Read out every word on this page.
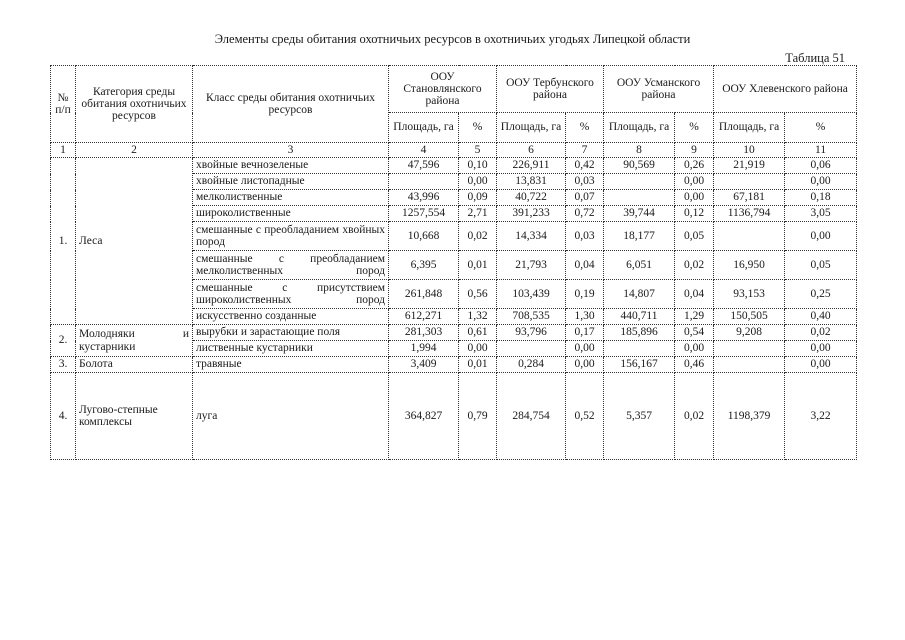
Элементы среды обитания охотничьих ресурсов в охотничьих угодьях Липецкой области
Таблица 51
№ п/п	Категория среды обитания охотничьих ресурсов	Класс среды обитания охотничьих ресурсов	ООУ Становлянского района		ООУ Тербунского района		ООУ Усманского района		ООУ Хлевенского района	
			Площадь, га	%	Площадь, га	%	Площадь, га	%	Площадь, га	%
1	2	3	4	5	6	7	8	9	10	11
1.	Леса	хвойные вечнозеленые	47,596	0,10	226,911	0,42	90,569	0,26	21,919	0,06
		хвойные листопадные		0,00	13,831	0,03		0,00		0,00
		мелколиственные	43,996	0,09	40,722	0,07		0,00	67,181	0,18
		широколиственные	1257,554	2,71	391,233	0,72	39,744	0,12	1136,794	3,05
		смешанные с преобладанием хвойных пород	10,668	0,02	14,334	0,03	18,177	0,05		0,00
		смешанные с преобладанием мелколиственных пород	6,395	0,01	21,793	0,04	6,051	0,02	16,950	0,05
		смешанные с присутствием широколиственных пород	261,848	0,56	103,439	0,19	14,807	0,04	93,153	0,25
		искусственно созданные	612,271	1,32	708,535	1,30	440,711	1,29	150,505	0,40
2.	Молодняки и кустарники	вырубки и зарастающие поля	281,303	0,61	93,796	0,17	185,896	0,54	9,208	0,02
		лиственные кустарники	1,994	0,00		0,00		0,00		0,00
3.	Болота	травяные	3,409	0,01	0,284	0,00	156,167	0,46		0,00
4.	Лугово-степные комплексы	луга	364,827	0,79	284,754	0,52	5,357	0,02	1198,379	3,22
